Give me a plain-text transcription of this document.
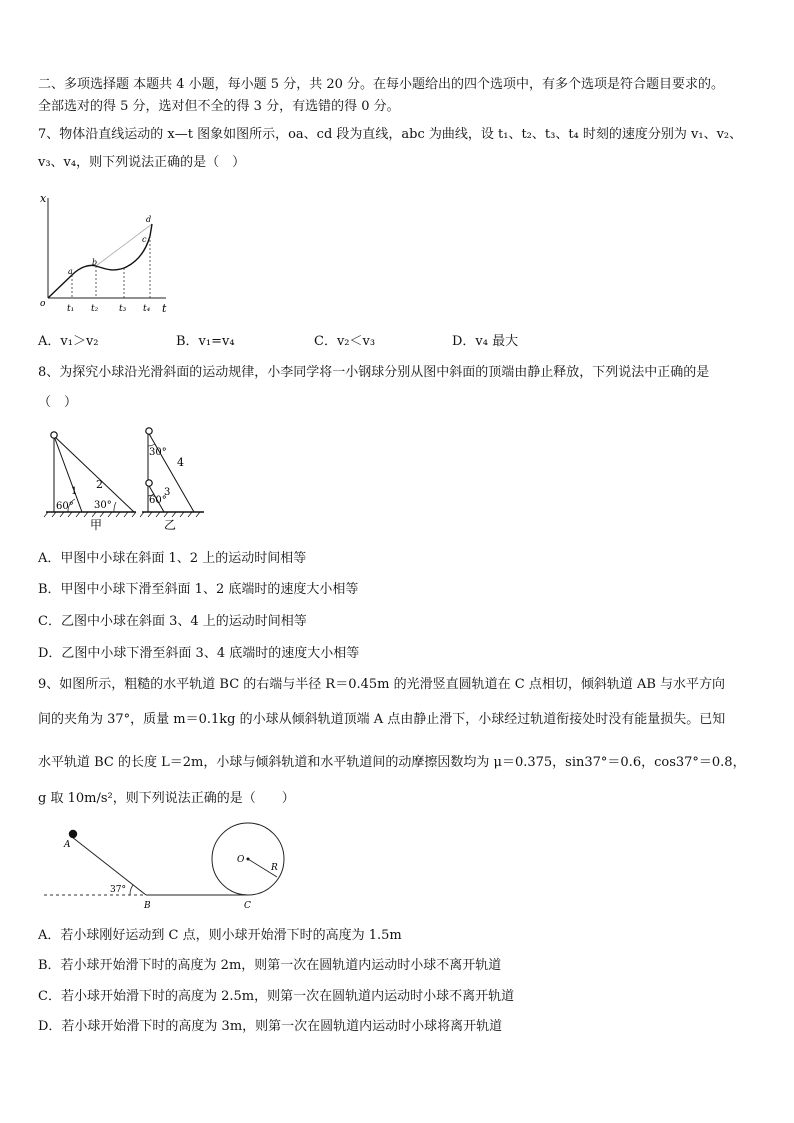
二、多项选择题 本题共 4 小题，每小题 5 分，共 20 分。在每小题给出的四个选项中，有多个选项是符合题目要求的。
全部选对的得 5 分，选对但不全的得 3 分，有选错的得 0 分。
7、物体沿直线运动的 x—t 图象如图所示，oa、cd 段为直线，abc 为曲线，设 t₁、t₂、t₃、t₄ 时刻的速度分别为 v₁、v₂、
v₃、v₄，则下列说法正确的是（　）
x
t
o
a
b
c
d
t₁ t₂ t₃ t₄
A．v₁＞v₂	B．v₁=v₄	C．v₂＜v₃	D．v₄ 最大
8、为探究小球沿光滑斜面的运动规律，小李同学将一小钢球分别从图中斜面的顶端由静止释放，下列说法中正确的是
（　）
60° 30°
1
2
甲
30°
60°
3
4
乙
A．甲图中小球在斜面 1、2 上的运动时间相等
B．甲图中小球下滑至斜面 1、2 底端时的速度大小相等
C．乙图中小球在斜面 3、4 上的运动时间相等
D．乙图中小球下滑至斜面 3、4 底端时的速度大小相等
9、如图所示，粗糙的水平轨道 BC 的右端与半径 R＝0.45m 的光滑竖直圆轨道在 C 点相切，倾斜轨道 AB 与水平方向
间的夹角为 37°，质量 m＝0.1kg 的小球从倾斜轨道顶端 A 点由静止滑下，小球经过轨道衔接处时没有能量损失。已知
水平轨道 BC 的长度 L＝2m，小球与倾斜轨道和水平轨道间的动摩擦因数均为 μ＝0.375，sin37°＝0.6，cos37°＝0.8，
g 取 10m/s²，则下列说法正确的是（　　）
A
B	C
O
R
37°
A．若小球刚好运动到 C 点，则小球开始滑下时的高度为 1.5m
B．若小球开始滑下时的高度为 2m，则第一次在圆轨道内运动时小球不离开轨道
C．若小球开始滑下时的高度为 2.5m，则第一次在圆轨道内运动时小球不离开轨道
D．若小球开始滑下时的高度为 3m，则第一次在圆轨道内运动时小球将离开轨道
